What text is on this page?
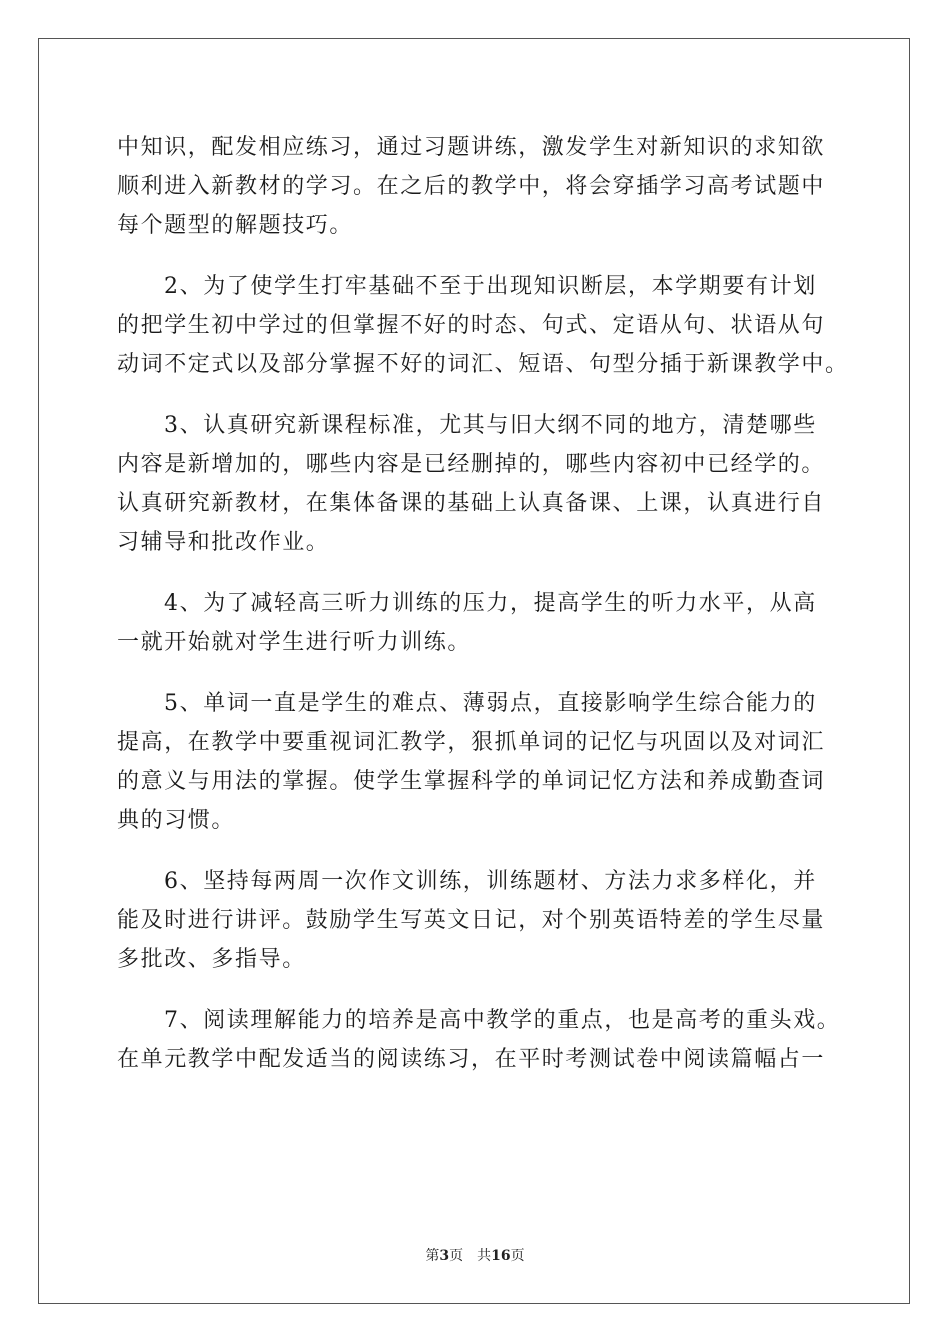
中知识，配发相应练习，通过习题讲练，激发学生对新知识的求知欲
顺利进入新教材的学习。在之后的教学中，将会穿插学习高考试题中
每个题型的解题技巧。
2、为了使学生打牢基础不至于出现知识断层，本学期要有计划
的把学生初中学过的但掌握不好的时态、句式、定语从句、状语从句
动词不定式以及部分掌握不好的词汇、短语、句型分插于新课教学中。
3、认真研究新课程标准，尤其与旧大纲不同的地方，清楚哪些
内容是新增加的，哪些内容是已经删掉的，哪些内容初中已经学的。
认真研究新教材，在集体备课的基础上认真备课、上课，认真进行自
习辅导和批改作业。
4、为了减轻高三听力训练的压力，提高学生的听力水平，从高
一就开始就对学生进行听力训练。
5、单词一直是学生的难点、薄弱点，直接影响学生综合能力的
提高，在教学中要重视词汇教学，狠抓单词的记忆与巩固以及对词汇
的意义与用法的掌握。使学生掌握科学的单词记忆方法和养成勤查词
典的习惯。
6、坚持每两周一次作文训练，训练题材、方法力求多样化，并
能及时进行讲评。鼓励学生写英文日记，对个别英语特差的学生尽量
多批改、多指导。
7、阅读理解能力的培养是高中教学的重点，也是高考的重头戏。
在单元教学中配发适当的阅读练习，在平时考测试卷中阅读篇幅占一
第3页 共16页
